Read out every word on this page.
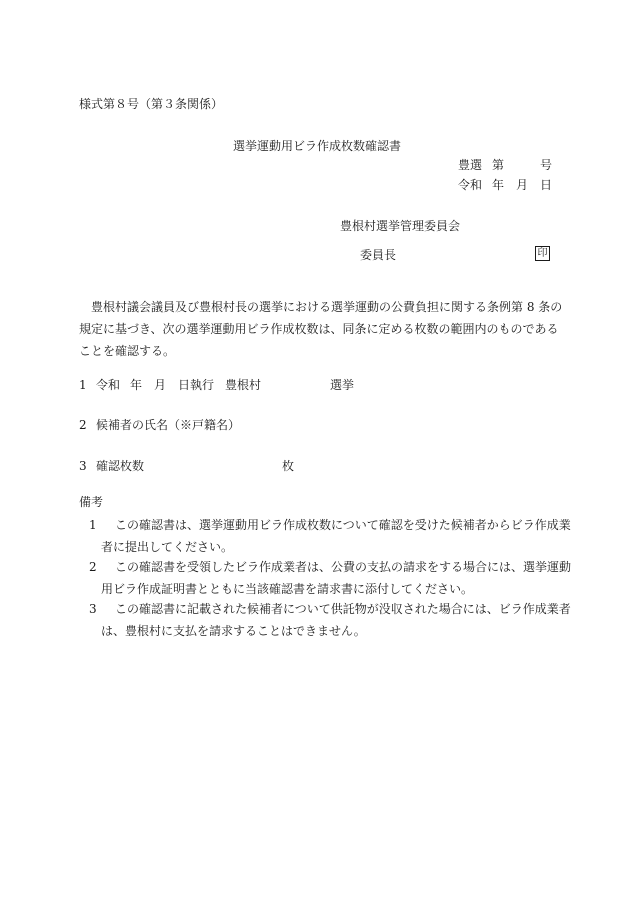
様式第８号（第３条関係）
選挙運動用ビラ作成枚数確認書
豊選 第	号
令和 年 月 日
豊根村選挙管理委員会
委員長	印
豊根村議会議員及び豊根村長の選挙における選挙運動の公費負担に関する条例第 8 条の
規定に基づき、次の選挙運動用ビラ作成枚数は、同条に定める枚数の範囲内のものである
ことを確認する。
1 令和 年 月 日執行 豊根村	選挙
2 候補者の氏名（※戸籍名）
3 確認枚数	枚
備考
1	この確認書は、選挙運動用ビラ作成枚数について確認を受けた候補者からビラ作成業
者に提出してください。
2	この確認書を受領したビラ作成業者は、公費の支払の請求をする場合には、選挙運動
用ビラ作成証明書とともに当該確認書を請求書に添付してください。
3	この確認書に記載された候補者について供託物が没収された場合には、ビラ作成業者
は、豊根村に支払を請求することはできません。
